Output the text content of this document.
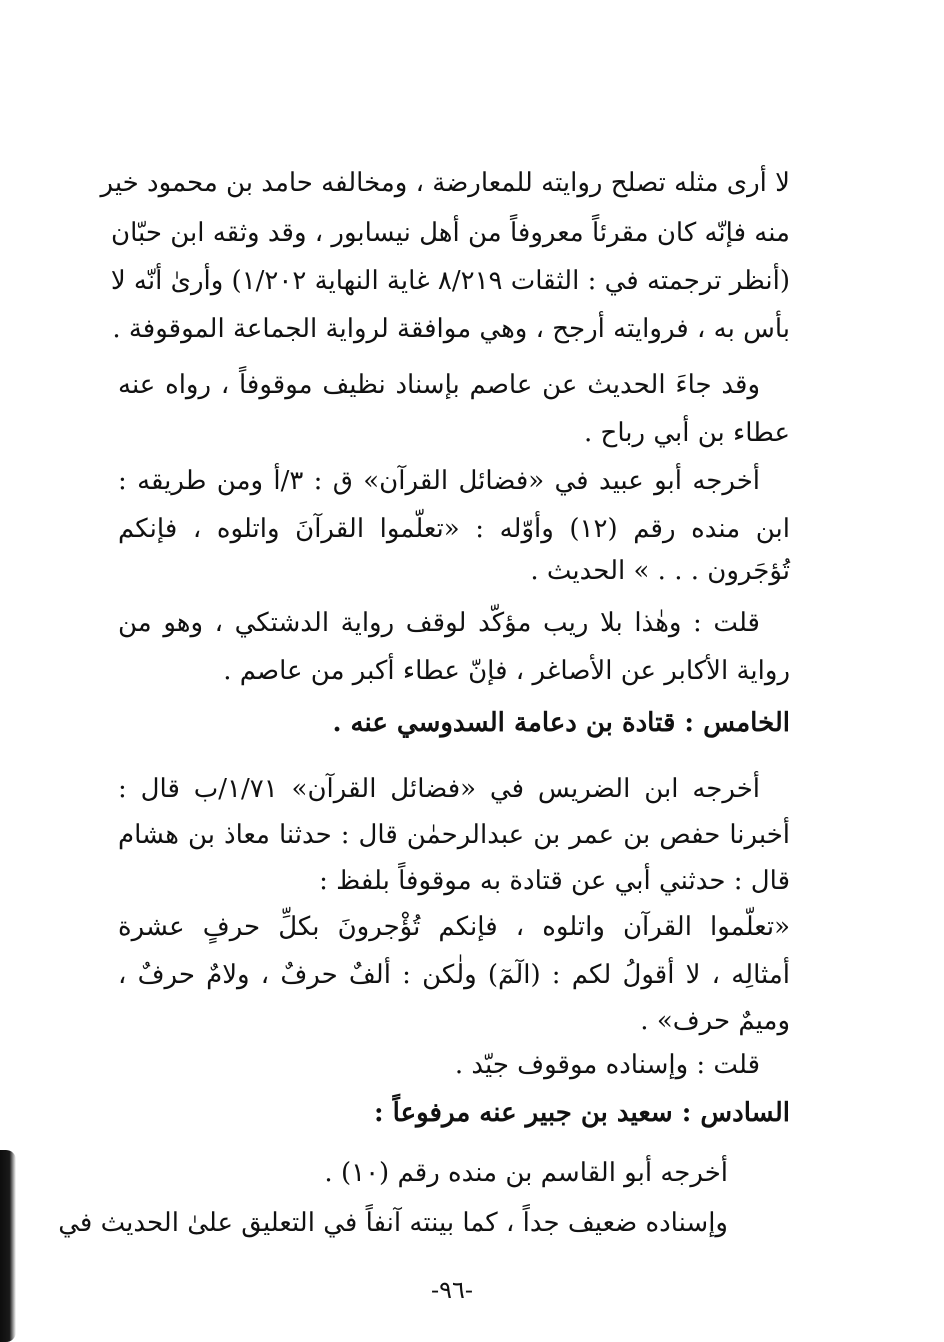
لا أرى مثله تصلح روايته للمعارضة ، ومخالفه حامد بن محمود خير

منه فإنّه كان مقرئاً معروفاً من أهل نيسابور ، وقد وثقه ابن حبّان

(أنظر ترجمته في : الثقات ٨/٢١٩ غاية النهاية ١/٢٠٢) وأرىٰ أنّه لا

بأس به ، فروايته أرجح ، وهي موافقة لرواية الجماعة الموقوفة .

وقد جاءَ الحديث عن عاصم بإسناد نظيف موقوفاً ، رواه عنه

عطاء بن أبي رباح .

أخرجه أبو عبيد في «فضائل القرآن» ق : ٣/أ ومن طريقه :

ابن منده رقم (١٢) وأوّله : «تعلّموا القرآنَ واتلوه ، فإنكم

تُؤجَرون . . . » الحديث .

قلت : وهٰذا بلا ريب مؤكّد لوقف رواية الدشتكي ، وهو من

رواية الأكابر عن الأصاغر ، فإنّ عطاء أكبر من عاصم .

الخامس : قتادة بن دعامة السدوسي عنه .

أخرجه ابن الضريس في «فضائل القرآن» ١/٧١/ب قال :

أخبرنا حفص بن عمر بن عبدالرحمٰن قال : حدثنا معاذ بن هشام

قال : حدثني أبي عن قتادة به موقوفاً بلفظ :

«تعلّموا القرآن واتلوه ، فإنكم تُؤْجرونَ بكلِّ حرفٍ عشرة

أمثالِه ، لا أقولُ لكم : (الٓمٓ) ولٰكن : ألفٌ حرفٌ ، ولامٌ حرفٌ ،

وميمٌ حرف» .

قلت : وإسناده موقوف جيّد .

السادس : سعيد بن جبير عنه مرفوعاً :

أخرجه أبو القاسم بن منده رقم (١٠) .

وإسناده ضعيف جداً ، كما بينته آنفاً في التعليق علىٰ الحديث في

-٩٦-
